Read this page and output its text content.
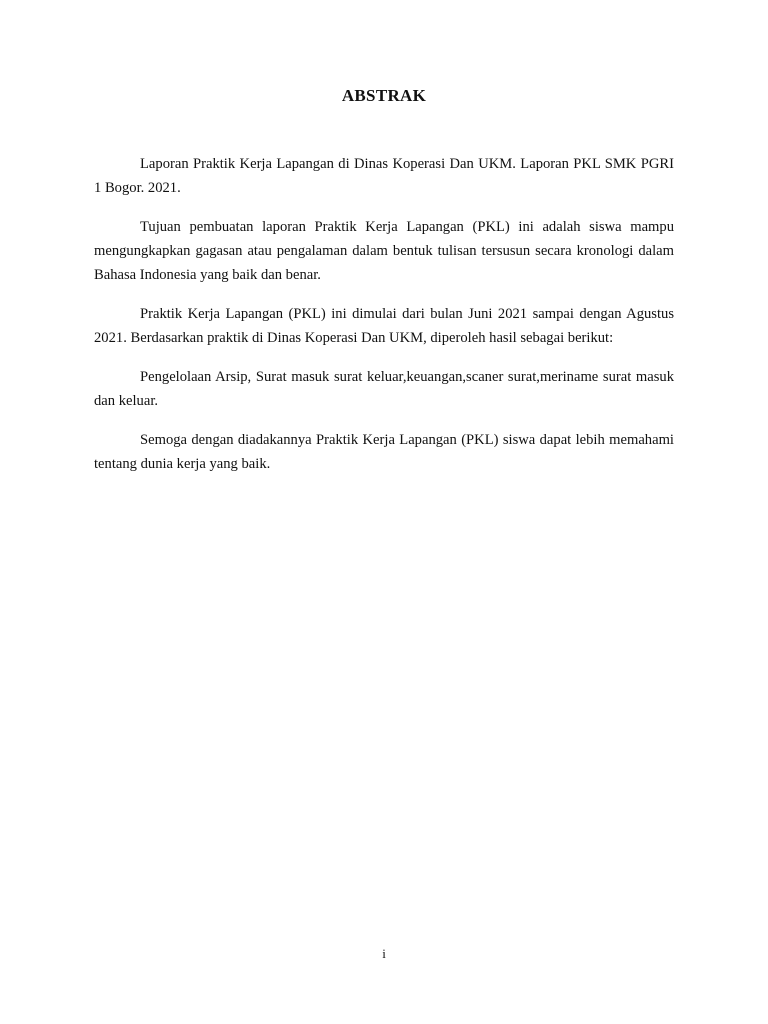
ABSTRAK

Laporan Praktik Kerja Lapangan di Dinas Koperasi Dan UKM. Laporan PKL SMK PGRI 1 Bogor. 2021.

Tujuan pembuatan laporan Praktik Kerja Lapangan (PKL) ini adalah siswa mampu mengungkapkan gagasan atau pengalaman dalam bentuk tulisan tersusun secara kronologi dalam Bahasa Indonesia yang baik dan benar.

Praktik Kerja Lapangan (PKL) ini dimulai dari bulan Juni 2021 sampai dengan Agustus 2021. Berdasarkan praktik di Dinas Koperasi Dan UKM, diperoleh hasil sebagai berikut:

Pengelolaan Arsip, Surat masuk surat keluar,keuangan,scaner surat,meriname surat masuk dan keluar.

Semoga dengan diadakannya Praktik Kerja Lapangan (PKL) siswa dapat lebih memahami tentang dunia kerja yang baik.

i
